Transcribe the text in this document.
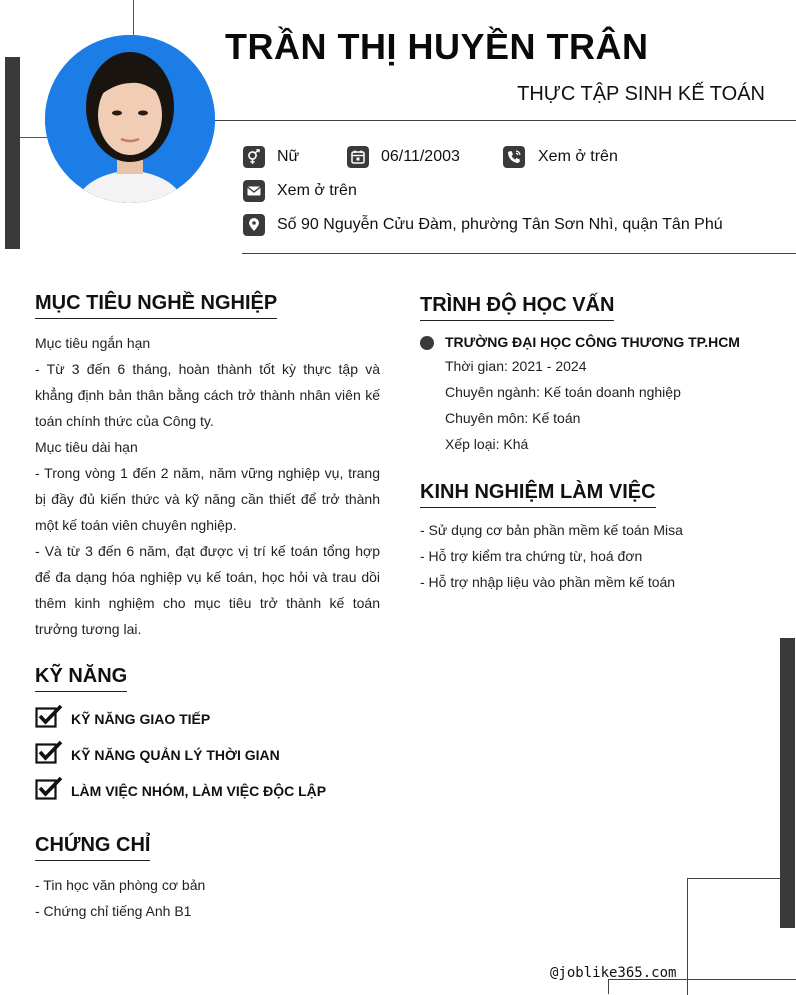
TRẦN THỊ HUYỀN TRÂN
THỰC TẬP SINH KẾ TOÁN
Nữ	06/11/2003	Xem ở trên
Xem ở trên
Số 90 Nguyễn Cửu Đàm, phường Tân Sơn Nhì, quận Tân Phú
MỤC TIÊU NGHỀ NGHIỆP
Mục tiêu ngắn hạn
- Từ 3 đến 6 tháng, hoàn thành tốt kỳ thực tập và khẳng định bản thân bằng cách trở thành nhân viên kế toán chính thức của Công ty.
Mục tiêu dài hạn
- Trong vòng 1 đến 2 năm, năm vững nghiệp vụ, trang bị đầy đủ kiến thức và kỹ năng cần thiết để trở thành một kế toán viên chuyên nghiệp.
- Và từ 3 đến 6 năm, đạt được vị trí kế toán tổng hợp để đa dạng hóa nghiệp vụ kế toán, học hỏi và trau dồi thêm kinh nghiệm cho mục tiêu trở thành kế toán trưởng tương lai.
KỸ NĂNG
KỸ NĂNG GIAO TIẾP
KỸ NĂNG QUẢN LÝ THỜI GIAN
LÀM VIỆC NHÓM, LÀM VIỆC ĐỘC LẬP
CHỨNG CHỈ
- Tin học văn phòng cơ bản
- Chứng chỉ tiếng Anh B1
TRÌNH ĐỘ HỌC VẤN
TRƯỜNG ĐẠI HỌC CÔNG THƯƠNG TP.HCM
Thời gian: 2021 - 2024
Chuyên ngành: Kế toán doanh nghiệp
Chuyên môn: Kế toán
Xếp loại: Khá
KINH NGHIỆM LÀM VIỆC
- Sử dụng cơ bản phần mềm kế toán Misa
- Hỗ trợ kiểm tra chứng từ, hoá đơn
- Hỗ trợ nhập liệu vào phần mềm kế toán
@joblike365.com
